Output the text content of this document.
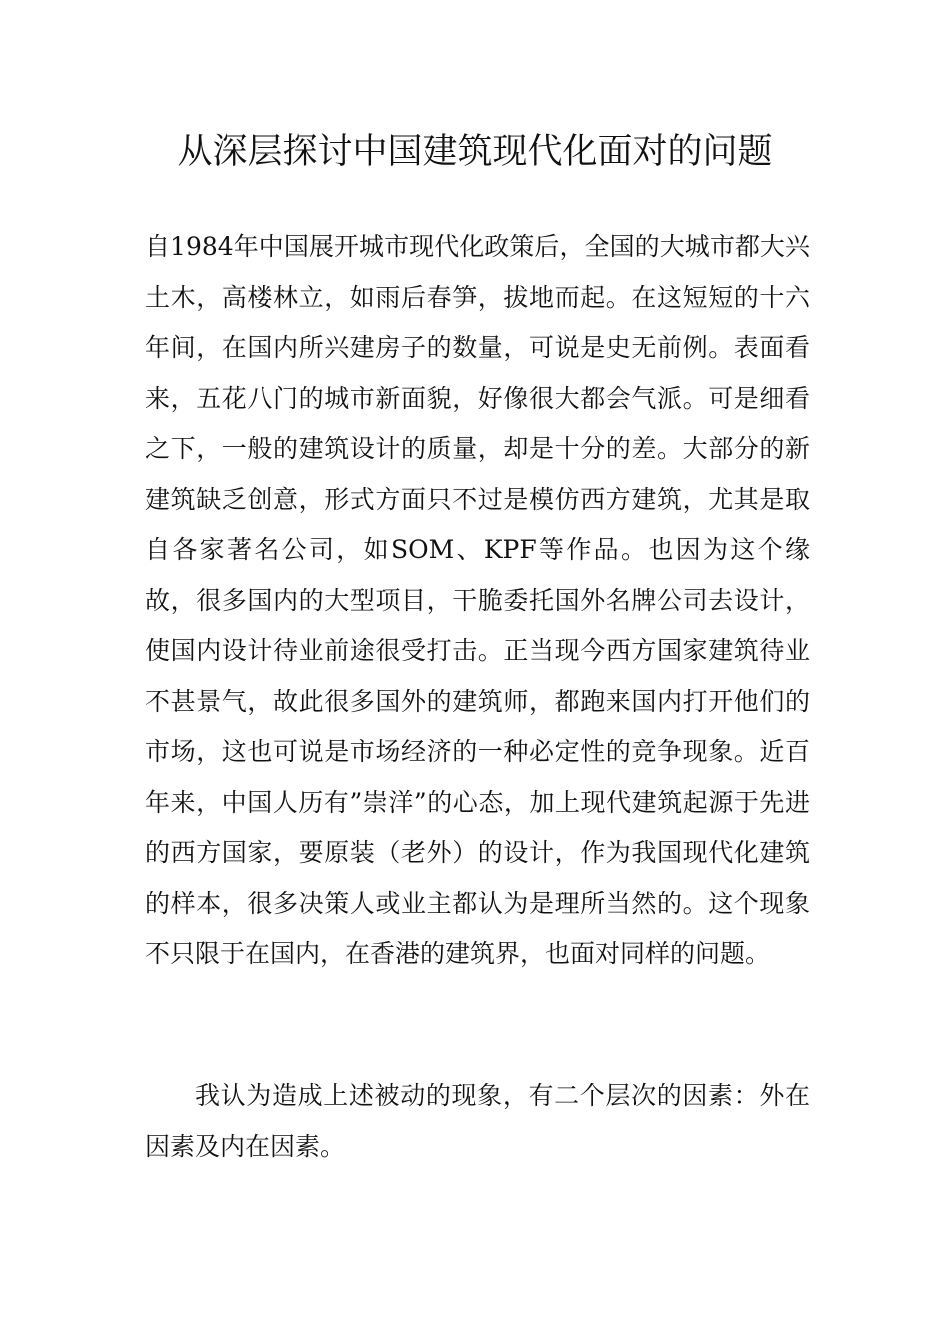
从深层探讨中国建筑现代化面对的问题

自1984年中国展开城市现代化政策后，全国的大城市都大兴土木，高楼林立，如雨后春笋，拔地而起。在这短短的十六年间，在国内所兴建房子的数量，可说是史无前例。表面看来，五花八门的城市新面貌，好像很大都会气派。可是细看之下，一般的建筑设计的质量，却是十分的差。大部分的新建筑缺乏创意，形式方面只不过是模仿西方建筑，尤其是取自各家著名公司，如SOM、KPF等作品。也因为这个缘故，很多国内的大型项目，干脆委托国外名牌公司去设计，使国内设计待业前途很受打击。正当现今西方国家建筑待业不甚景气，故此很多国外的建筑师，都跑来国内打开他们的市场，这也可说是市场经济的一种必定性的竞争现象。近百年来，中国人历有”崇洋”的心态，加上现代建筑起源于先进的西方国家，要原装（老外）的设计，作为我国现代化建筑的样本，很多决策人或业主都认为是理所当然的。这个现象不只限于在国内，在香港的建筑界，也面对同样的问题。

我认为造成上述被动的现象，有二个层次的因素：外在因素及内在因素。
